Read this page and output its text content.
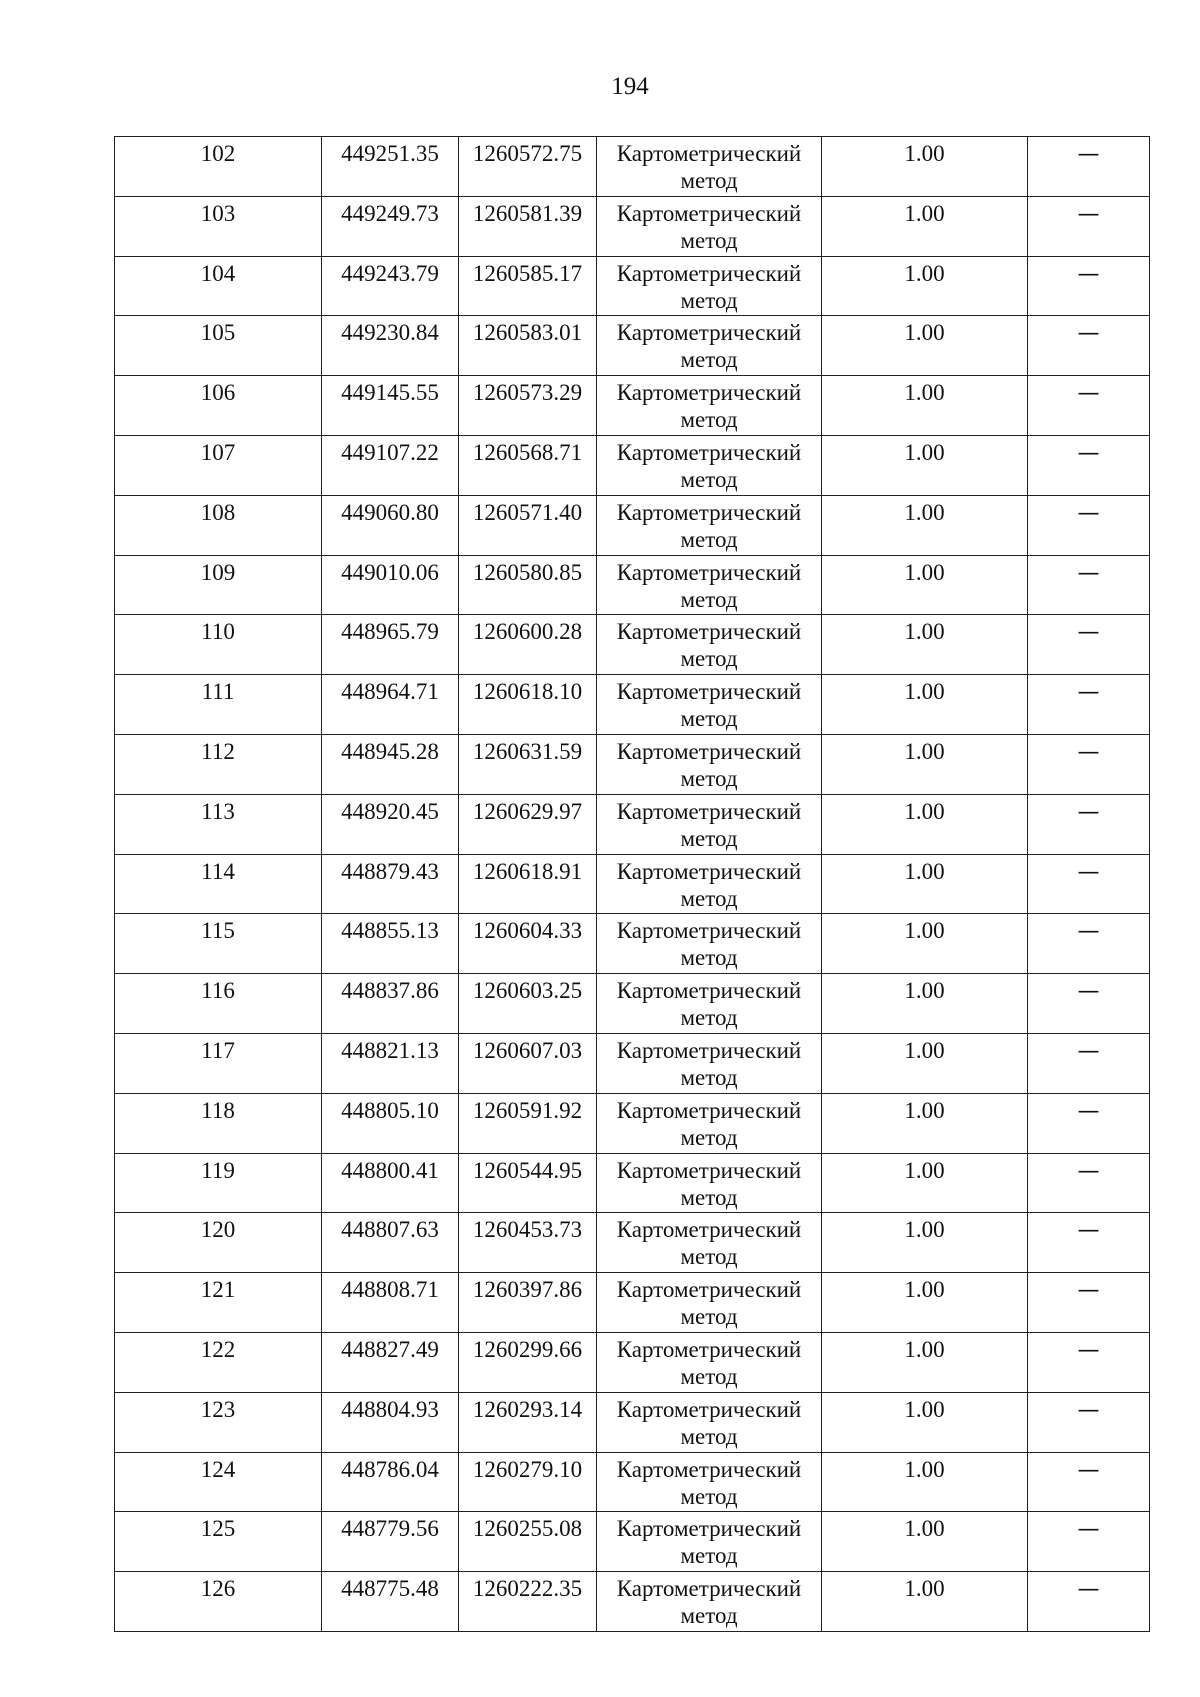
194
102	449251.35	1260572.75	Картометрический метод	1.00	—
103	449249.73	1260581.39	Картометрический метод	1.00	—
104	449243.79	1260585.17	Картометрический метод	1.00	—
105	449230.84	1260583.01	Картометрический метод	1.00	—
106	449145.55	1260573.29	Картометрический метод	1.00	—
107	449107.22	1260568.71	Картометрический метод	1.00	—
108	449060.80	1260571.40	Картометрический метод	1.00	—
109	449010.06	1260580.85	Картометрический метод	1.00	—
110	448965.79	1260600.28	Картометрический метод	1.00	—
111	448964.71	1260618.10	Картометрический метод	1.00	—
112	448945.28	1260631.59	Картометрический метод	1.00	—
113	448920.45	1260629.97	Картометрический метод	1.00	—
114	448879.43	1260618.91	Картометрический метод	1.00	—
115	448855.13	1260604.33	Картометрический метод	1.00	—
116	448837.86	1260603.25	Картометрический метод	1.00	—
117	448821.13	1260607.03	Картометрический метод	1.00	—
118	448805.10	1260591.92	Картометрический метод	1.00	—
119	448800.41	1260544.95	Картометрический метод	1.00	—
120	448807.63	1260453.73	Картометрический метод	1.00	—
121	448808.71	1260397.86	Картометрический метод	1.00	—
122	448827.49	1260299.66	Картометрический метод	1.00	—
123	448804.93	1260293.14	Картометрический метод	1.00	—
124	448786.04	1260279.10	Картометрический метод	1.00	—
125	448779.56	1260255.08	Картометрический метод	1.00	—
126	448775.48	1260222.35	Картометрический метод	1.00	—
